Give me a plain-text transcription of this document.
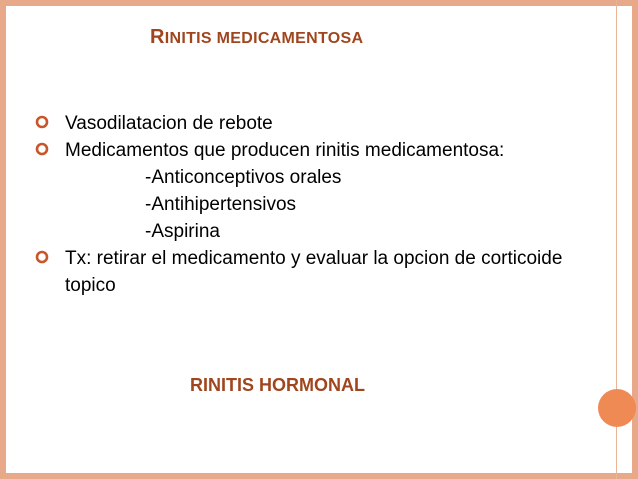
RINITIS MEDICAMENTOSA
Vasodilatacion de rebote
Medicamentos que producen rinitis medicamentosa:
-Anticonceptivos orales
-Antihipertensivos
-Aspirina
Tx: retirar el medicamento y evaluar la opcion de corticoide topico
RINITIS HORMONAL
